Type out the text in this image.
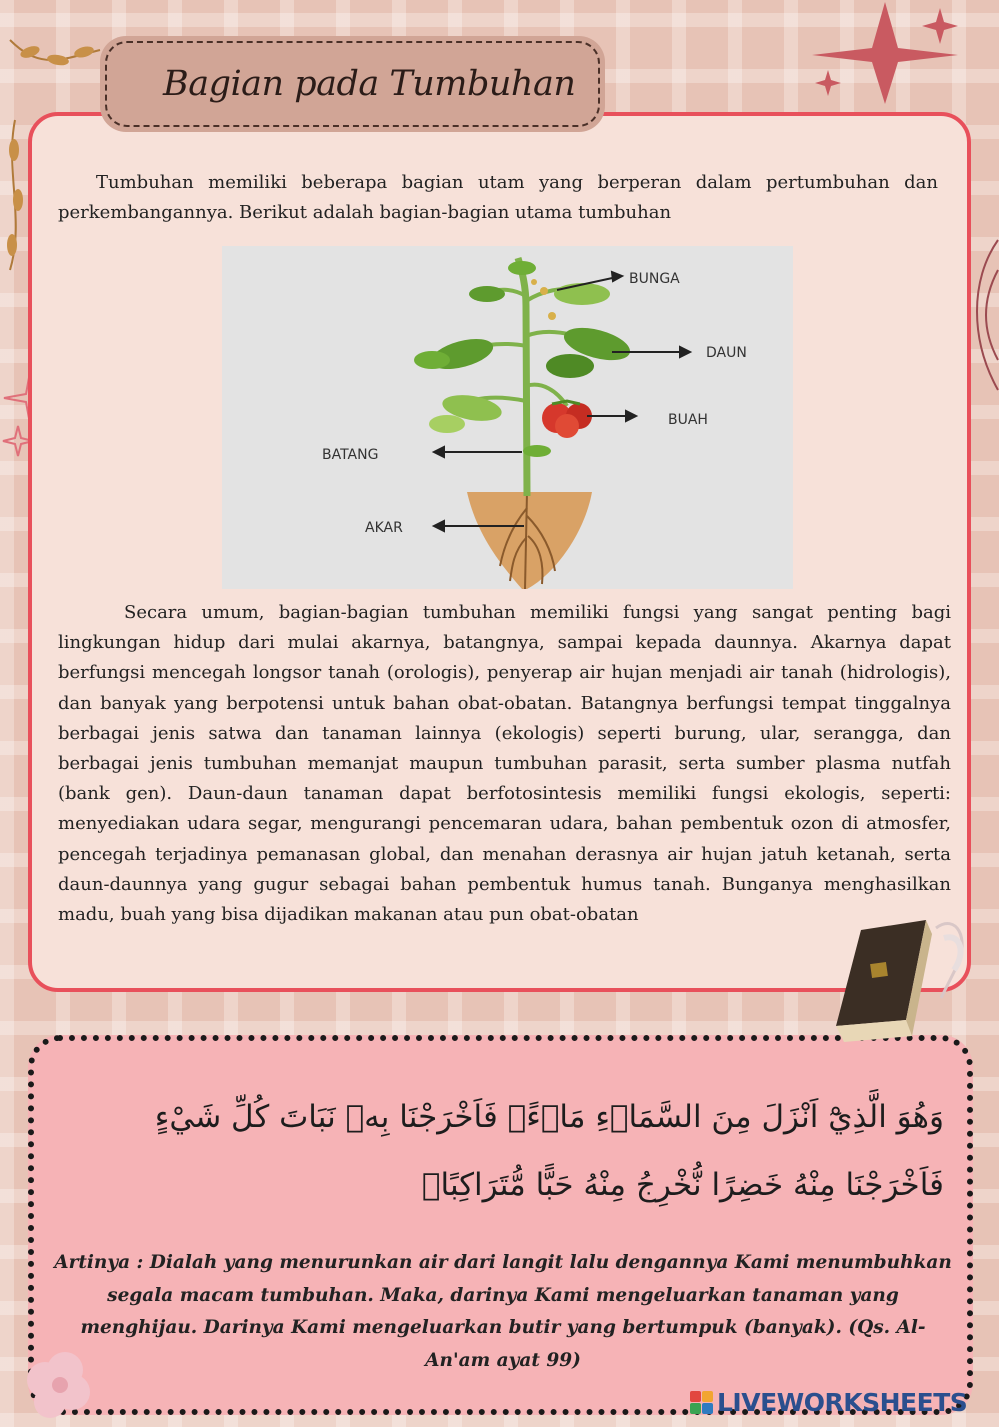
Bagian pada Tumbuhan

Tumbuhan memiliki beberapa bagian utam yang berperan dalam pertumbuhan dan perkembangannya. Berikut adalah bagian-bagian utama tumbuhan

BUNGA
DAUN
BUAH
BATANG
AKAR

Secara umum, bagian-bagian tumbuhan memiliki fungsi yang sangat penting bagi lingkungan hidup dari mulai akarnya, batangnya, sampai kepada daunnya. Akarnya dapat berfungsi mencegah longsor tanah (orologis), penyerap air hujan menjadi air tanah (hidrologis), dan banyak yang berpotensi untuk bahan obat-obatan. Batangnya berfungsi tempat tinggalnya berbagai jenis satwa dan tanaman lainnya (ekologis) seperti burung, ular, serangga, dan berbagai jenis tumbuhan memanjat maupun tumbuhan parasit, serta sumber plasma nutfah (bank gen). Daun-daun tanaman dapat berfotosintesis memiliki fungsi ekologis, seperti: menyediakan udara segar, mengurangi pencemaran udara, bahan pembentuk ozon di atmosfer, pencegah terjadinya pemanasan global, dan menahan derasnya air hujan jatuh ketanah, serta daun-daunnya yang gugur sebagai bahan pembentuk humus tanah. Bunganya menghasilkan madu, buah yang bisa dijadikan makanan atau pun obat-obatan

وَهُوَ الَّذِيْٓ اَنْزَلَ مِنَ السَّمَاۤءِ مَاۤءًۚ فَاَخْرَجْنَا بِهٖ نَبَاتَ كُلِّ شَيْءٍ فَاَخْرَجْنَا مِنْهُ خَضِرًا نُّخْرِجُ مِنْهُ حَبًّا مُّتَرَاكِبًاۚ

Artinya : Dialah yang menurunkan air dari langit lalu dengannya Kami menumbuhkan segala macam tumbuhan. Maka, darinya Kami mengeluarkan tanaman yang menghijau. Darinya Kami mengeluarkan butir yang bertumpuk (banyak). (Qs. Al- An'am ayat 99)

LIVEWORKSHEETS
